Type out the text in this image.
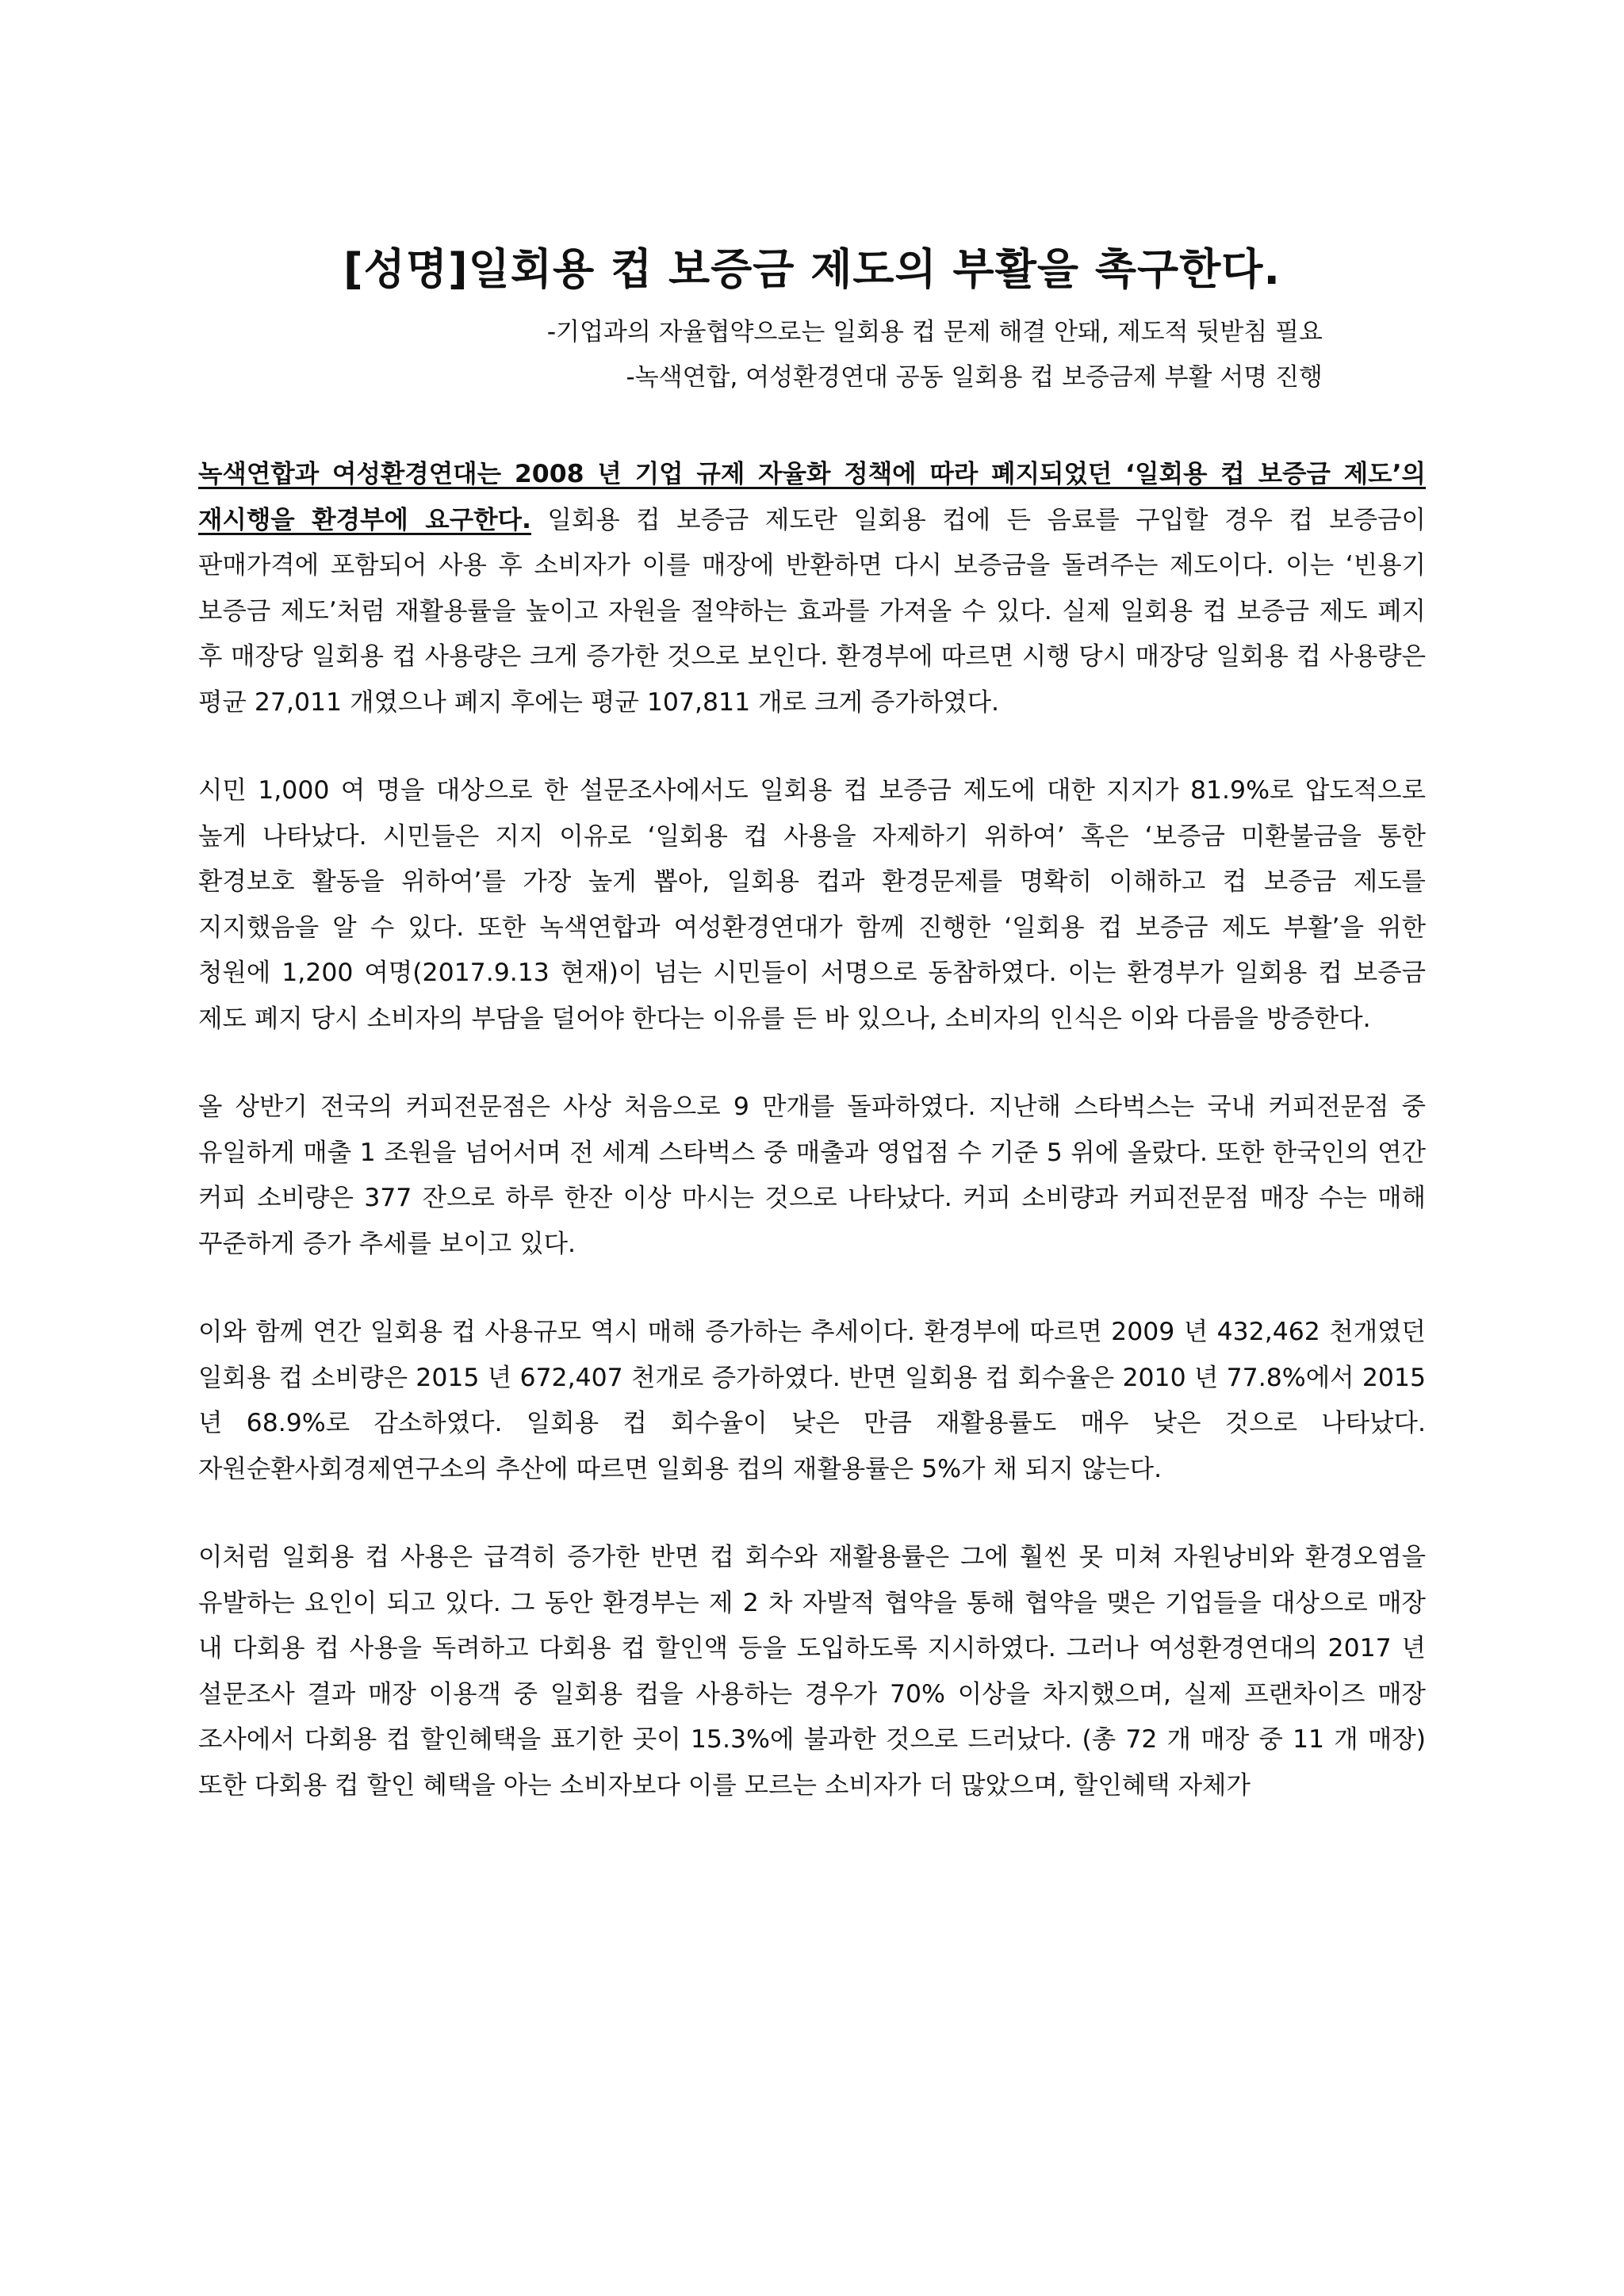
[성명]일회용 컵 보증금 제도의 부활을 촉구한다.

-기업과의 자율협약으로는 일회용 컵 문제 해결 안돼, 제도적 뒷받침 필요

-녹색연합, 여성환경연대 공동 일회용 컵 보증금제 부활 서명 진행

녹색연합과 여성환경연대는 2008 년 기업 규제 자율화 정책에 따라 폐지되었던 ‘일회용 컵 보증금 제도’의 재시행을 환경부에 요구한다. 일회용 컵 보증금 제도란 일회용 컵에 든 음료를 구입할 경우 컵 보증금이 판매가격에 포함되어 사용 후 소비자가 이를 매장에 반환하면 다시 보증금을 돌려주는 제도이다. 이는 ‘빈용기 보증금 제도’처럼 재활용률을 높이고 자원을 절약하는 효과를 가져올 수 있다. 실제 일회용 컵 보증금 제도 폐지 후 매장당 일회용 컵 사용량은 크게 증가한 것으로 보인다. 환경부에 따르면 시행 당시 매장당 일회용 컵 사용량은 평균 27,011 개였으나 폐지 후에는 평균 107,811 개로 크게 증가하였다.

시민 1,000 여 명을 대상으로 한 설문조사에서도 일회용 컵 보증금 제도에 대한 지지가 81.9%로 압도적으로 높게 나타났다. 시민들은 지지 이유로 ‘일회용 컵 사용을 자제하기 위하여’ 혹은 ‘보증금 미환불금을 통한 환경보호 활동을 위하여’를 가장 높게 뽑아, 일회용 컵과 환경문제를 명확히 이해하고 컵 보증금 제도를 지지했음을 알 수 있다. 또한 녹색연합과 여성환경연대가 함께 진행한 ‘일회용 컵 보증금 제도 부활’을 위한 청원에 1,200 여명(2017.9.13 현재)이 넘는 시민들이 서명으로 동참하였다. 이는 환경부가 일회용 컵 보증금 제도 폐지 당시 소비자의 부담을 덜어야 한다는 이유를 든 바 있으나, 소비자의 인식은 이와 다름을 방증한다.

올 상반기 전국의 커피전문점은 사상 처음으로 9 만개를 돌파하였다. 지난해 스타벅스는 국내 커피전문점 중 유일하게 매출 1 조원을 넘어서며 전 세계 스타벅스 중 매출과 영업점 수 기준 5 위에 올랐다. 또한 한국인의 연간 커피 소비량은 377 잔으로 하루 한잔 이상 마시는 것으로 나타났다. 커피 소비량과 커피전문점 매장 수는 매해 꾸준하게 증가 추세를 보이고 있다.

이와 함께 연간 일회용 컵 사용규모 역시 매해 증가하는 추세이다. 환경부에 따르면 2009 년 432,462 천개였던 일회용 컵 소비량은 2015 년 672,407 천개로 증가하였다. 반면 일회용 컵 회수율은 2010 년 77.8%에서 2015 년 68.9%로 감소하였다. 일회용 컵 회수율이 낮은 만큼 재활용률도 매우 낮은 것으로 나타났다. 자원순환사회경제연구소의 추산에 따르면 일회용 컵의 재활용률은 5%가 채 되지 않는다.

이처럼 일회용 컵 사용은 급격히 증가한 반면 컵 회수와 재활용률은 그에 훨씬 못 미쳐 자원낭비와 환경오염을 유발하는 요인이 되고 있다. 그 동안 환경부는 제 2 차 자발적 협약을 통해 협약을 맺은 기업들을 대상으로 매장 내 다회용 컵 사용을 독려하고 다회용 컵 할인액 등을 도입하도록 지시하였다. 그러나 여성환경연대의 2017 년 설문조사 결과 매장 이용객 중 일회용 컵을 사용하는 경우가 70% 이상을 차지했으며, 실제 프랜차이즈 매장 조사에서 다회용 컵 할인혜택을 표기한 곳이 15.3%에 불과한 것으로 드러났다. (총 72 개 매장 중 11 개 매장) 또한 다회용 컵 할인 혜택을 아는 소비자보다 이를 모르는 소비자가 더 많았으며, 할인혜택 자체가
